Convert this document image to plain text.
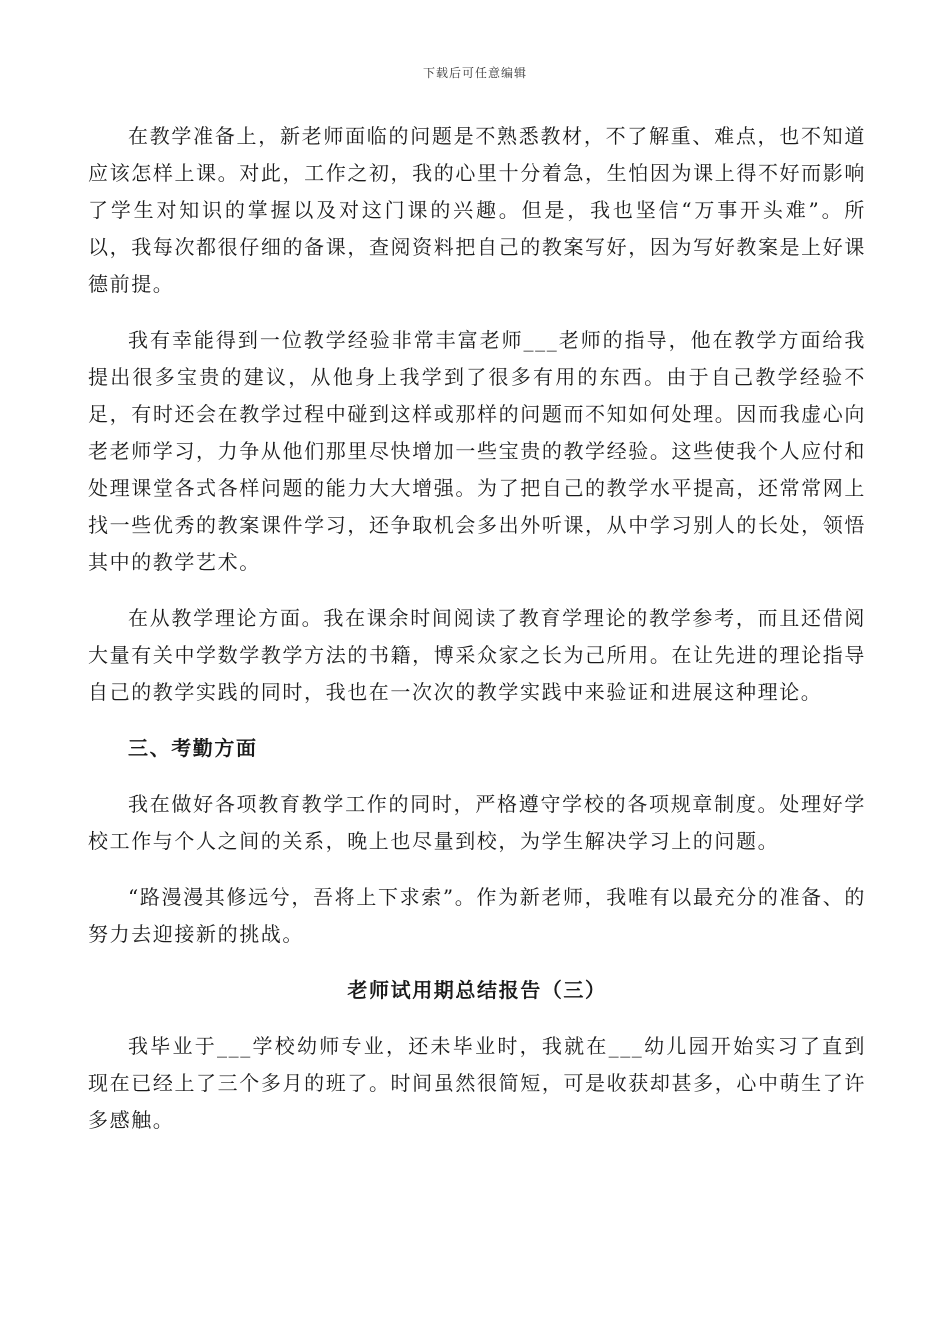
下载后可任意编辑

在教学准备上，新老师面临的问题是不熟悉教材，不了解重、难点，也不知道应该怎样上课。对此，工作之初，我的心里十分着急，生怕因为课上得不好而影响了学生对知识的掌握以及对这门课的兴趣。但是，我也坚信“万事开头难”。所以，我每次都很仔细的备课，查阅资料把自己的教案写好，因为写好教案是上好课德前提。

我有幸能得到一位教学经验非常丰富老师___老师的指导，他在教学方面给我提出很多宝贵的建议，从他身上我学到了很多有用的东西。由于自己教学经验不足，有时还会在教学过程中碰到这样或那样的问题而不知如何处理。因而我虚心向老老师学习，力争从他们那里尽快增加一些宝贵的教学经验。这些使我个人应付和处理课堂各式各样问题的能力大大增强。为了把自己的教学水平提高，还常常网上找一些优秀的教案课件学习，还争取机会多出外听课，从中学习别人的长处，领悟其中的教学艺术。

在从教学理论方面。我在课余时间阅读了教育学理论的教学参考，而且还借阅大量有关中学数学教学方法的书籍，博采众家之长为己所用。在让先进的理论指导自己的教学实践的同时，我也在一次次的教学实践中来验证和进展这种理论。

三、考勤方面

我在做好各项教育教学工作的同时，严格遵守学校的各项规章制度。处理好学校工作与个人之间的关系，晚上也尽量到校，为学生解决学习上的问题。

“路漫漫其修远兮，吾将上下求索”。作为新老师，我唯有以最充分的准备、的努力去迎接新的挑战。

老师试用期总结报告（三）

我毕业于___学校幼师专业，还未毕业时，我就在___幼儿园开始实习了直到现在已经上了三个多月的班了。时间虽然很简短，可是收获却甚多，心中萌生了许多感触。
